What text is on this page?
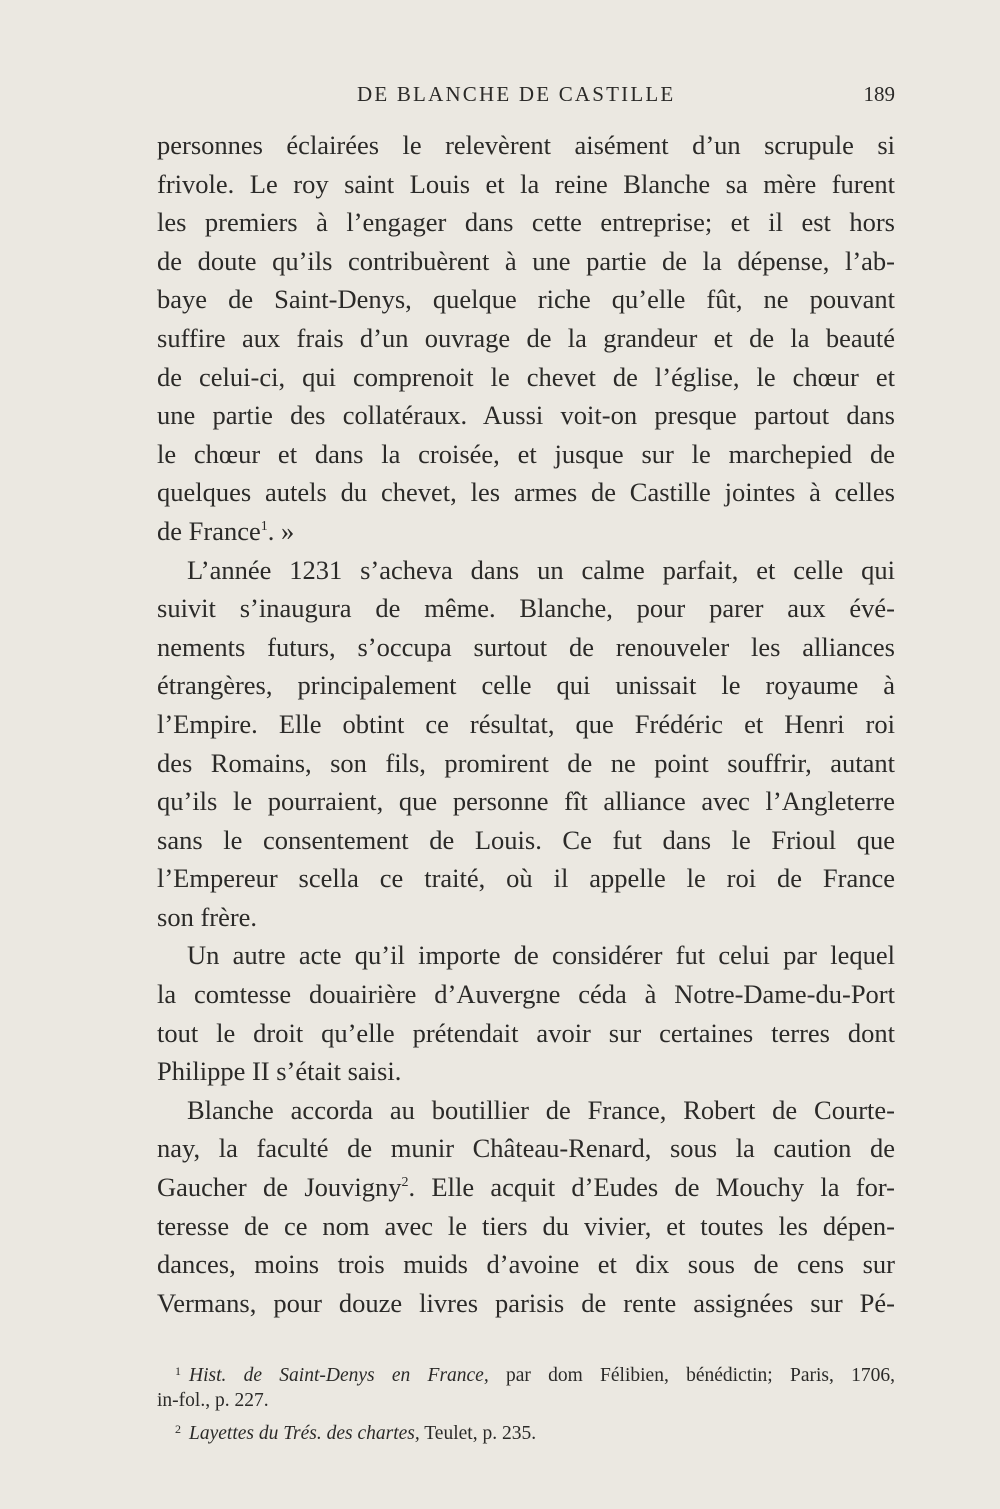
DE BLANCHE DE CASTILLE	189
personnes éclairées le relevèrent aisément d’un scrupule si
frivole. Le roy saint Louis et la reine Blanche sa mère furent
les premiers à l’engager dans cette entreprise; et il est hors
de doute qu’ils contribuèrent à une partie de la dépense, l’ab-
baye de Saint-Denys, quelque riche qu’elle fût, ne pouvant
suffire aux frais d’un ouvrage de la grandeur et de la beauté
de celui-ci, qui comprenoit le chevet de l’église, le chœur et
une partie des collatéraux. Aussi voit-on presque partout dans
le chœur et dans la croisée, et jusque sur le marchepied de
quelques autels du chevet, les armes de Castille jointes à celles
de France$^1$. »
L’année 1231 s’acheva dans un calme parfait, et celle qui
suivit s’inaugura de même. Blanche, pour parer aux évé-
nements futurs, s’occupa surtout de renouveler les alliances
étrangères, principalement celle qui unissait le royaume à
l’Empire. Elle obtint ce résultat, que Frédéric et Henri roi
des Romains, son fils, promirent de ne point souffrir, autant
qu’ils le pourraient, que personne fît alliance avec l’Angleterre
sans le consentement de Louis. Ce fut dans le Frioul que
l’Empereur scella ce traité, où il appelle le roi de France
son frère.
Un autre acte qu’il importe de considérer fut celui par lequel
la comtesse douairière d’Auvergne céda à Notre-Dame-du-Port
tout le droit qu’elle prétendait avoir sur certaines terres dont
Philippe II s’était saisi.
Blanche accorda au boutillier de France, Robert de Courte-
nay, la faculté de munir Château-Renard, sous la caution de
Gaucher de Jouvigny$^2$. Elle acquit d’Eudes de Mouchy la for-
teresse de ce nom avec le tiers du vivier, et toutes les dépen-
dances, moins trois muids d’avoine et dix sous de cens sur
Vermans, pour douze livres parisis de rente assignées sur Pé-
$^1$ Hist. de Saint-Denys en France, par dom Félibien, bénédictin; Paris, 1706,
in-fol., p. 227.
$^2$ Layettes du Trés. des chartes, Teulet, p. 235.
